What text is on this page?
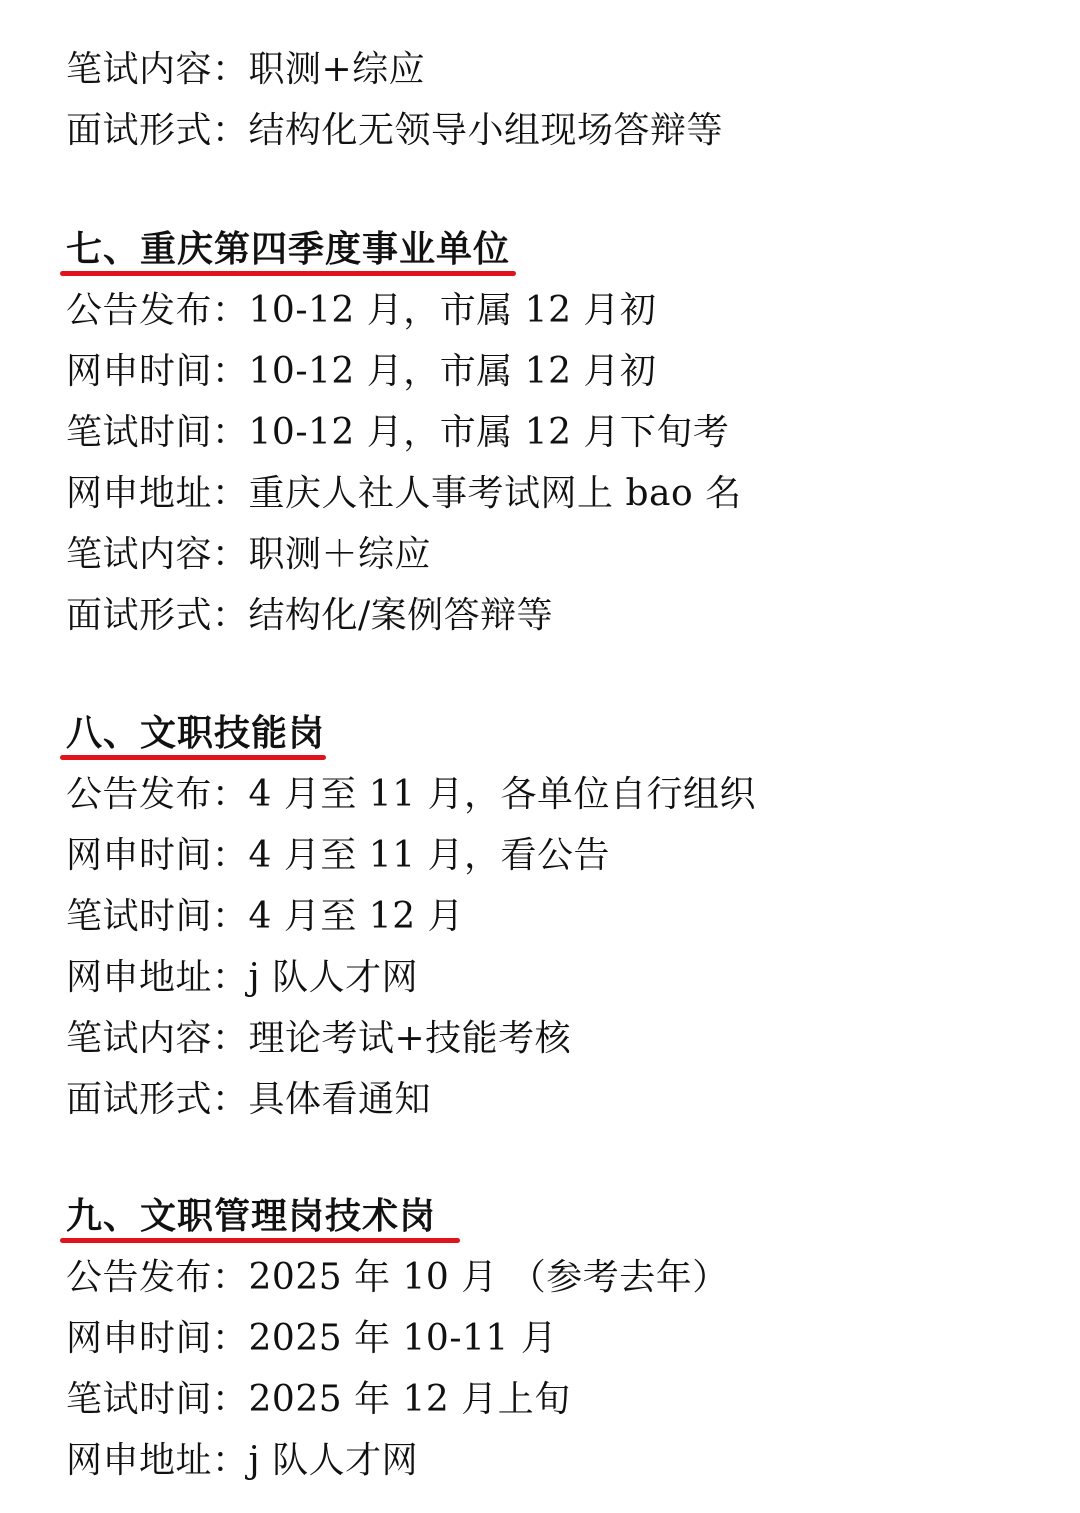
笔试内容：职测+综应
面试形式：结构化无领导小组现场答辩等
七、重庆第四季度事业单位
公告发布：10-12 月，市属 12 月初
网申时间：10-12 月，市属 12 月初
笔试时间：10-12 月，市属 12 月下旬考
网申地址：重庆人社人事考试网上 bao 名
笔试内容：职测＋综应
面试形式：结构化/案例答辩等
八、文职技能岗
公告发布：4 月至 11 月，各单位自行组织
网申时间：4 月至 11 月，看公告
笔试时间：4 月至 12 月
网申地址：j 队人才网
笔试内容：理论考试+技能考核
面试形式：具体看通知
九、文职管理岗技术岗
公告发布：2025 年 10 月 （参考去年）
网申时间：2025 年 10-11 月
笔试时间：2025 年 12 月上旬
网申地址：j 队人才网
